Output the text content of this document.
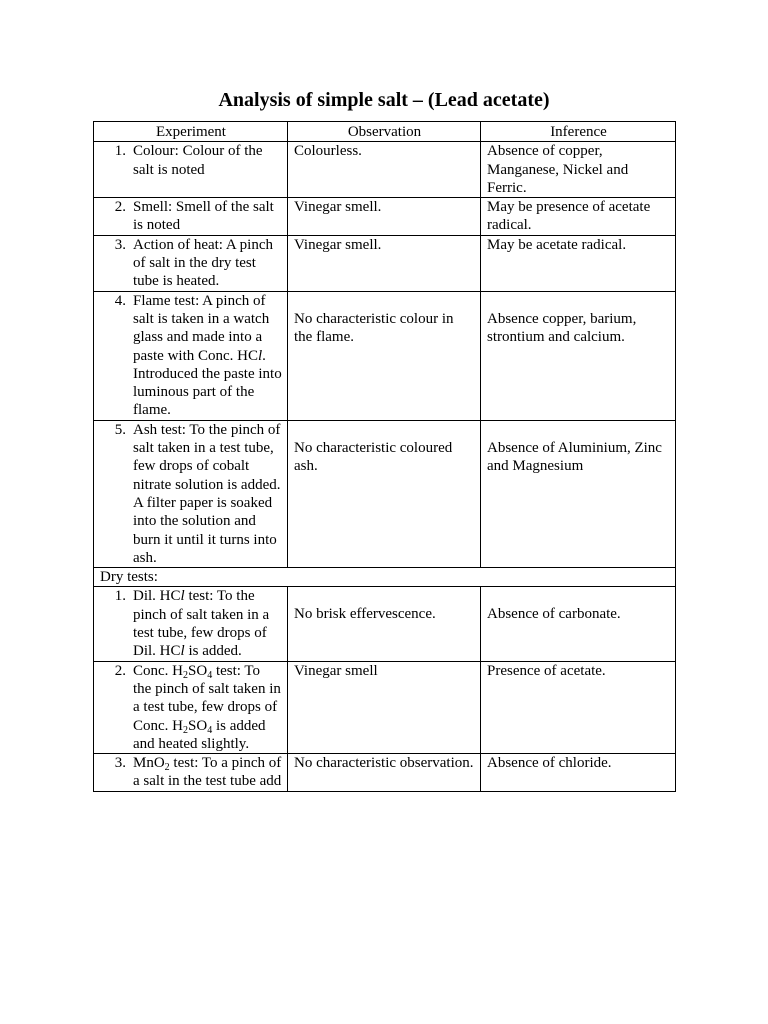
Analysis of simple salt – (Lead acetate)
Experiment	Observation	Inference

1. Colour: Colour of the salt is noted	Colourless.	Absence of copper, Manganese, Nickel and Ferric.

2. Smell: Smell of the salt is noted	Vinegar smell.	May be presence of acetate radical.

3. Action of heat: A pinch of salt in the dry test tube is heated.	Vinegar smell.	May be acetate radical.

4. Flame test: A pinch of salt is taken in a watch glass and made into a paste with Conc. HCl. Introduced the paste into luminous part of the flame.	No characteristic colour in the flame.	Absence copper, barium, strontium and calcium.

5. Ash test: To the pinch of salt taken in a test tube, few drops of cobalt nitrate solution is added. A filter paper is soaked into the solution and burn it until it turns into ash.	No characteristic coloured ash.	Absence of Aluminium, Zinc and Magnesium
Dry tests:		

1. Dil. HCl test: To the pinch of salt taken in a test tube, few drops of Dil. HCl is added.	No brisk effervescence.	Absence of carbonate.

2. Conc. $H_2SO_4$ test: To the pinch of salt taken in a test tube, few drops of Conc. $H_2SO_4$ is added and heated slightly.	Vinegar smell	Presence of acetate.

3. MnO$_2$ test: To a pinch of a salt in the test tube add	No characteristic observation.	Absence of chloride.
